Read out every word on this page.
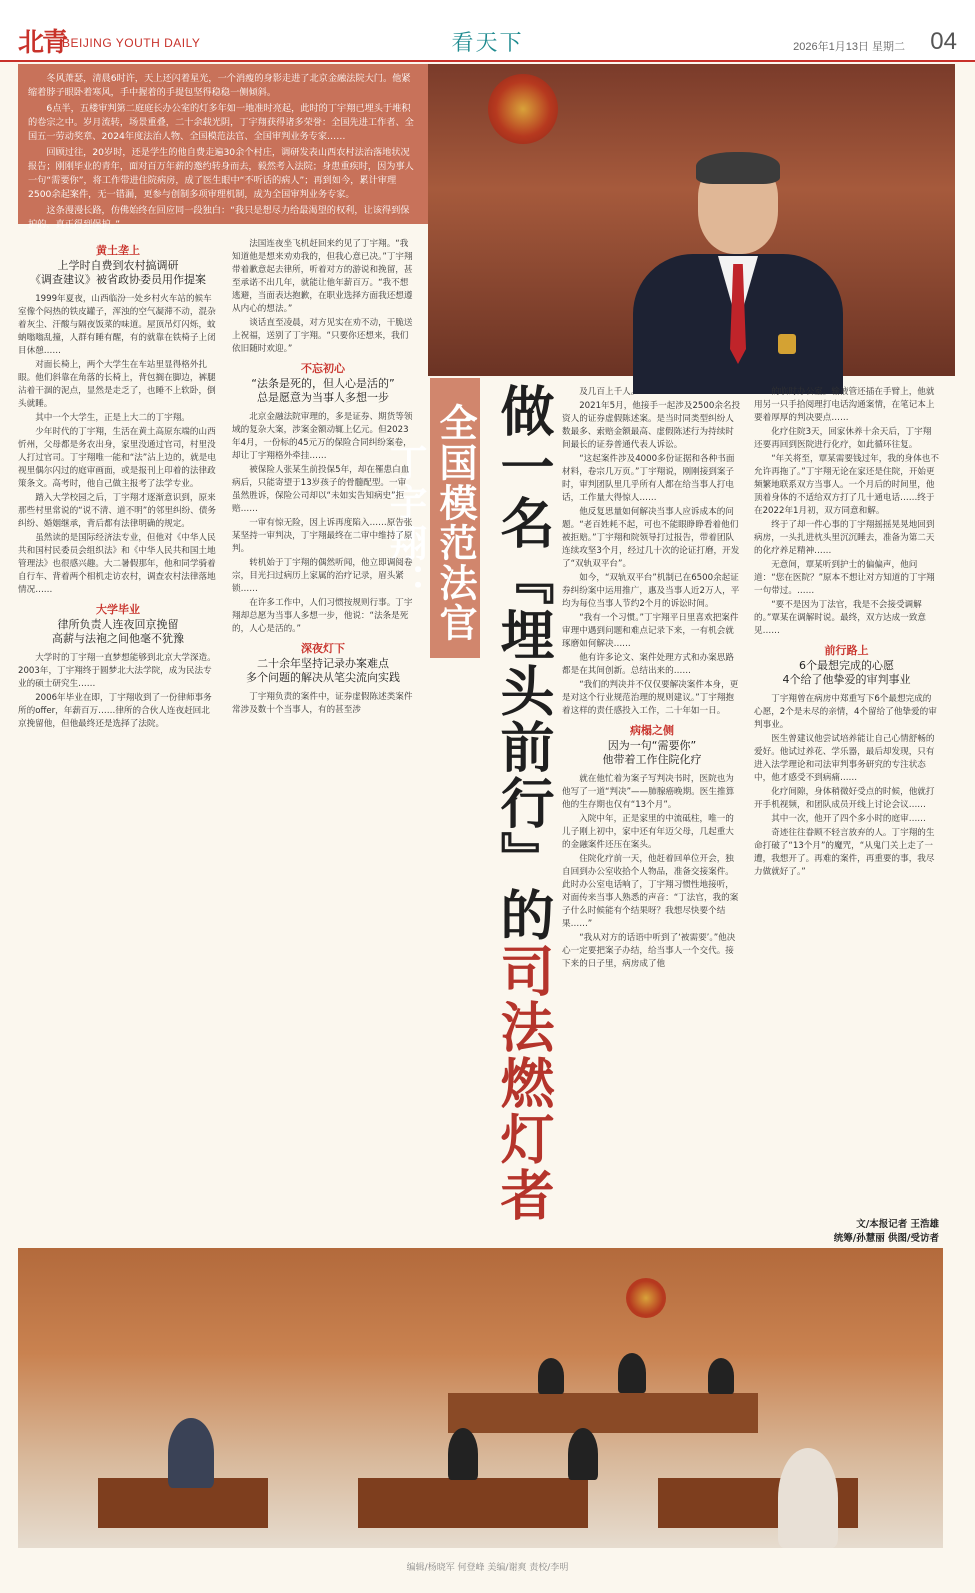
北青
BEIJING YOUTH DAILY	看天下	2026年1月13日 星期二 04

冬风萧瑟，清晨6时许，天上还闪着星光，一个消瘦的身影走进了北京金融法院大门。他紧缩着脖子眼卧着寒风，手中握着的手提包坚得稳稳一侧倾斜。

6点半，五楼审判第二庭庭长办公室的灯多年如一地准时亮起，此时的丁宇翔已埋头于堆积的卷宗之中。岁月流转，场景重叠，二十余载光阴，丁宇翔获得诸多荣誉：全国先进工作者、全国五一劳动奖章、2024年度法治人物、全国模范法官、全国审判业务专家……

回顾过往，20岁时，还是学生的他自费走遍30余个村庄，调研发表山西农村法治落地状况报告；刚刚毕业的青年，面对百万年薪的邀约转身而去，毅然考入法院；身患重疾时，因为事人一句“需要你”，将工作带进住院病房，成了医生眼中“不听话的病人”；再到如今，累计审理2500余起案件，无一错漏，更参与创制多项审理机制，成为全国审判业务专家。

这条漫漫长路，仿佛始终在回应同一段独白：“我只是想尽力给最渴望的权利，让该得到保护的，真正得到保护。”

全国模范法官丁宇翔：	做一名『埋头前行』的司法燃灯者
黄土垄上
上学时自费到农村搞调研
《调查建议》被省政协委员用作提案

1999年夏夜，山西临汾一处乡村火车站的候车室像个闷热的铁皮罐子，浑浊的空气凝滞不动，混杂着灰尘、汗酸与隔夜饭菜的味道。屋顶吊灯闪烁，蚊蚋嗡嗡乱撞，人群有睡有醒，有的就靠在铁椅子上闭目休憩……

对面长椅上，两个大学生在车站里显得格外扎眼。他们斜靠在角落的长椅上，背包搁在脚边，裤腿沾着干涸的泥点，显然是走乏了，也睡不上软卧，倒头就睡。

其中一个大学生，正是上大二的丁宇翔。

少年时代的丁宇翔，生活在黄土高原东端的山西忻州，父母都是务农出身，家里没通过官司，村里没人打过官司。丁宇翔唯一能和“法”沾上边的，就是电视里偶尔闪过的庭审画面，或是报刊上印着的法律政策条文。高考时，他自己做主报考了法学专业。

踏入大学校园之后，丁宇翔才逐渐意识到，原来那些村里常说的“说不清、道不明”的邻里纠纷、债务纠纷、婚姻继承，背后都有法律明确的规定。

虽然读的是国际经济法专业，但他对《中华人民共和国村民委员会组织法》和《中华人民共和国土地管理法》也很感兴趣。大二暑假那年，他和同学骑着自行车、背着两个相机走访农村，调查农村法律落地情况……

大学毕业
律所负责人连夜回京挽留
高薪与法袍之间他毫不犹豫

大学时的丁宇翔一直梦想能够到北京大学深造。2003年，丁宇翔终于圆梦北大法学院，成为民法专业的硕士研究生……

2006年毕业在即，丁宇翔收到了一份律师事务所的offer，年薪百万……律所的合伙人连夜赶回北京挽留他，但他最终还是选择了法院。

法国连夜坐飞机赶回来约见了丁宇翔。“我知道他是想来劝劝我的，但我心意已决。”丁宇翔带着歉意起去律所，听着对方的游说和挽留，甚至承诺不出几年，就能让他年薪百万。“我不想逃避，当面表达抱歉，在职业选择方面我还想遵从内心的想法。”

谈话直至凌晨，对方见实在劝不动，干脆送上祝福，送别了丁宇翔。“只要你还想来，我们依旧随时欢迎。”

不忘初心
“法条是死的，但人心是活的”
总是愿意为当事人多想一步

北京金融法院审理的，多是证券、期货等领域的复杂大案，涉案金额动辄上亿元。但2023年4月，一份标的45元万的保险合同纠纷案卷，却让丁宇翔格外牵挂……

被保险人张某生前投保5年，却在罹患白血病后，只能寄望于13岁孩子的骨髓配型。一审虽然胜诉，保险公司却以“未如实告知病史”拒赔……

一审有惊无险，因上诉再度陷入……原告张某坚持一审判决，丁宇翔最终在二审中维持了原判。

转机始于丁宇翔的偶然听闻，他立即调阅卷宗，目光扫过病历上家属的治疗记录，眉头紧锁……

在许多工作中，人们习惯按规则行事。丁宇翔却总愿为当事人多想一步，他说：“法条是死的，人心是活的。”

深夜灯下
二十余年坚持记录办案难点
多个问题的解决从笔尖流向实践

丁宇翔负责的案件中，证券虚假陈述类案件常涉及数十个当事人，有的甚至涉

及几百上千人。

2021年5月，他接手一起涉及2500余名投资人的证券虚假陈述案。是当时同类型纠纷人数最多、索赔金额最高、虚假陈述行为持续时间最长的证券普通代表人诉讼。

“这起案件涉及4000多份证据和各种书面材料，卷宗几万页。”丁宇翔说，刚刚接到案子时，审判团队里几乎所有人都在给当事人打电话，工作量大得惊人……

他反复思量如何解决当事人应诉成本的问题。“老百姓耗不起，可也不能眼睁睁看着他们被拒赔。”丁宇翔和院领导打过报告，带着团队连续攻坚3个月，经过几十次的论证打磨，开发了“双轨双平台”。

如今，“双轨双平台”机制已在6500余起证券纠纷案中运用推广，惠及当事人近2万人，平均为每位当事人节约2个月的诉讼时间。

“我有一个习惯。”丁宇翔平日里喜欢把案件审理中遇到问题和难点记录下来，一有机会就琢磨如何解决……

他有许多论文、案件处理方式和办案思路都是在其间创新。总结出来的……

“我们的判决并不仅仅要解决案件本身，更是对这个行业规范治理的规则建议。”丁宇翔抱着这样的责任感投入工作，二十年如一日。

病榻之侧
因为一句“需要你”
他带着工作住院化疗

就在他忙着为案子写判决书时，医院也为他写了一道“判决”——肺腺癌晚期。医生推算他的生存期也仅有“13个月”。

入院中年，正是家里的中流砥柱，唯一的儿子刚上初中，家中还有年迈父母，几起重大的金融案件还压在案头。

住院化疗前一天，他赶着回单位开会，独自回到办公室收拾个人物品，准备交接案件。此时办公室电话响了，丁宇翔习惯性地接听，对面传来当事人熟悉的声音：“丁法官，我的案子什么时候能有个结果呀？我想尽快要个结果……”

“我从对方的话语中听到了‘被需要’。”他决心一定要把案子办结，给当事人一个交代。接下来的日子里，病房成了他

的临时办公室。输液管还插在手臂上，他就用另一只手拾阅理打电话沟通案情，在笔记本上要着厚厚的判决要点……

化疗住院3天，回家休养十余天后，丁宇翔还要再回到医院进行化疗，如此循环往复。

“年关将至，覃某需要钱过年，我的身体也不允许再拖了。”丁宇翔无论在家还是住院，开始更频繁地联系双方当事人。一个月后的时间里，他顶着身体的不适给双方打了几十通电话……终于在2022年1月初，双方同意和解。

终于了却一件心事的丁宇翔摇摇晃晃地回到病房，一头扎进枕头里沉沉睡去，准备为第二天的化疗养足精神……

无意间，覃某听到护士的偏偏声，他问道：“您在医院？”原本不想让对方知道的丁宇翔一句带过。……

“要不是因为丁法官，我是不会接受调解的。”覃某在调解时说。最终，双方达成一致意见……

前行路上
6个最想完成的心愿
4个给了他挚爱的审判事业

丁宇翔曾在病房中郑重写下6个最想完成的心愿，2个是未尽的亲情，4个留给了他挚爱的审判事业。

医生曾建议他尝试培养能让自己心情舒畅的爱好。他试过养花、学乐器，最后却发现，只有进入法学理论和司法审判事务研究的专注状态中，他才感受不到病痛……

化疗间隙，身体稍微好受点的时候，他就打开手机视频，和团队成员开线上讨论会议……

其中一次，他开了四个多小时的庭审……

奇迹往往眷顾不轻言放弃的人。丁宇翔的生命打破了“13个月”的魔咒，“从鬼门关上走了一遭，我想开了。再难的案件，再重要的事，我尽力做就好了。”

文/本报记者 王浩雄
统筹/孙慧丽 供图/受访者
编辑/杨晓军 何登峰 美编/谢爽 责校/李明
